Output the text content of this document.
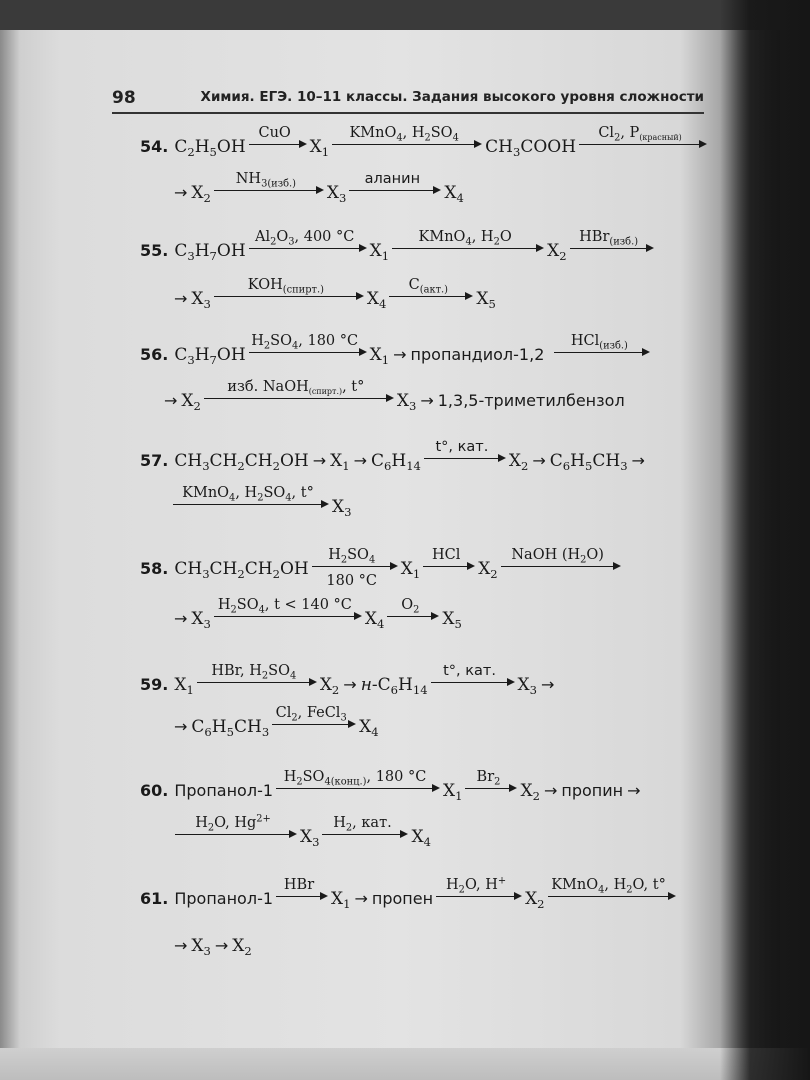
98	Химия. ЕГЭ. 10–11 классы. Задания высокого уровня сложности
54. $C_2H_5OH$
CuO
$X_1$
KMnO$_4$, $H_2SO_4$	$CH_3COOH$
$Cl_2$, $P_{(красный)}$
→ $X_2$
$NH_{3(изб.)}$	$X_3$
аланин
$X_4$
55. $C_3H_7OH$
$Al_2O_3$, 400 °C
$X_1$
KMnO$_4$, $H_2O$
$X_2$
HBr$_{(изб.)}$
→ $X_3$
$KOH_{(спирт.)}$	$X_4$
$C_{(акт.)}$	$X_5$
56. $C_3H_7OH$
$H_2SO_4$, 180 °C
$X_1$ → пропандиол-1,2
HCl$_{(изб.)}$
→ $X_2$
изб. NaOH$_{(спирт.)}$, t°
$X_3$ → 1,3,5-триметилбензол
57. $CH_3CH_2CH_2OH \to X_1 \to C_6H_{14}$
t°, кат.
$X_2 \to C_6H_5CH_3$ →
KMnO$_4$, $H_2SO_4$, t°
$X_3$
58. $CH_3CH_2CH_2OH$
$H_2SO_4$
180 °C
$X_1$
HCl
$X_2$
NaOH $(H_2O)$
→ $X_3$
$H_2SO_4$, t < 140 °C
$X_4$
$O_2$	$X_5$
59. $X_1$
HBr, $H_2SO_4$	$X_2 \to н-C_6H_{14}$
t°, кат.
$X_3$ →
→ $C_6H_5CH_3$
$Cl_2$, FeCl$_3$ $X_4$
60. Пропанол-1
$H_2SO_{4(конц.)}$, 180 °C
$X_1$
$Br_2$	$X_2$ → пропин →
$H_2O$, $Hg^{2+}$
$X_3$
$H_2$, кат.
$X_4$
61. Пропанол-1
HBr
$X_1$ → пропен
$H_2O$, H+
$X_2$
KMnO$_4$, $H_2O$, t°
→ $X_3 \to X_2$
